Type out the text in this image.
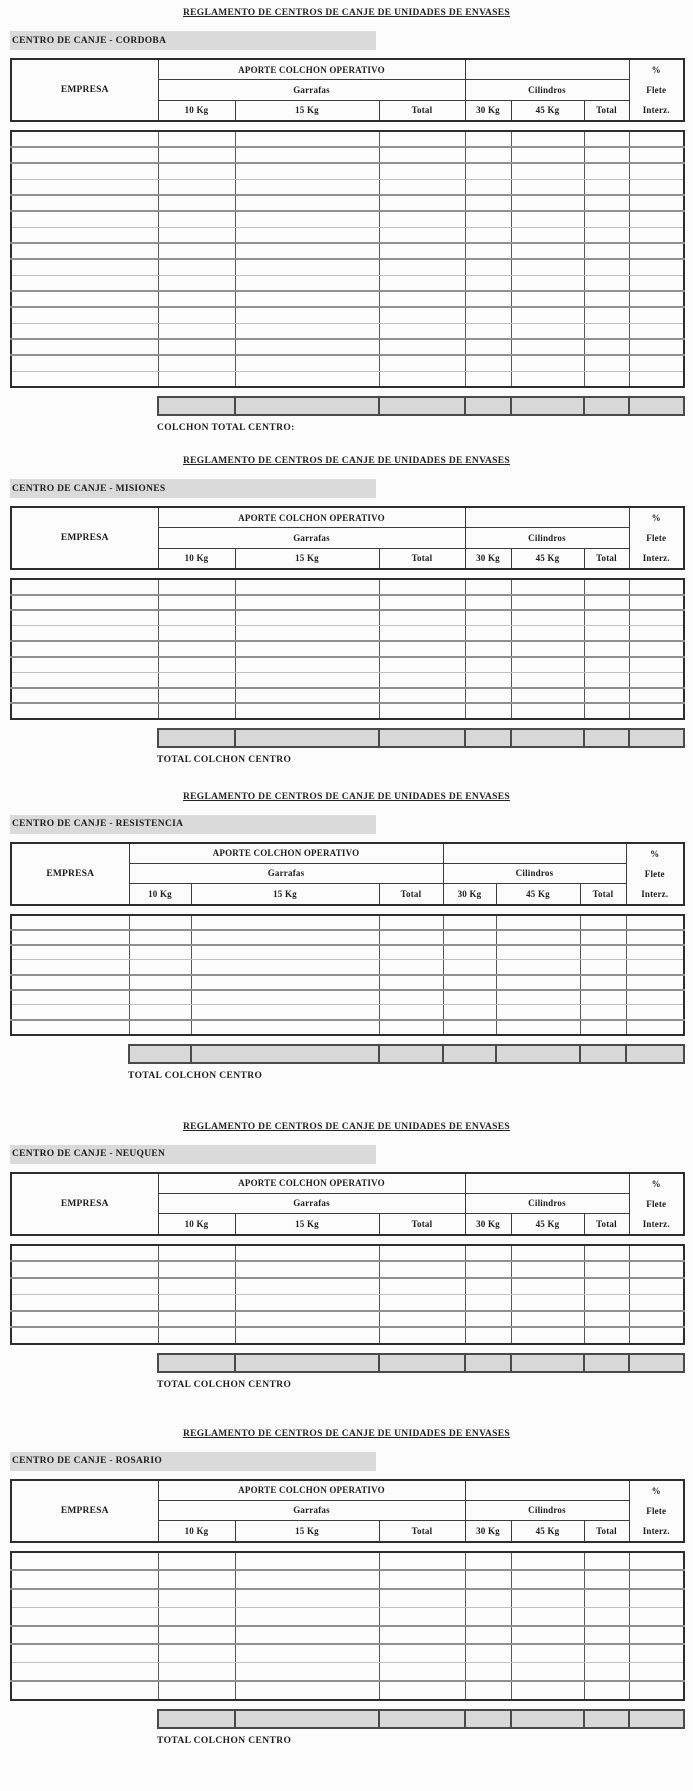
REGLAMENTO DE CENTROS DE CANJE DE UNIDADES DE ENVASES
CENTRO DE CANJE - CORDOBA
EMPRESA	APORTE COLCHON OPERATIVO						%
Flete
Interz.

	Garrafas			Cilindros			
	10 Kg	15 Kg	Total	30 Kg	45 Kg	Total	

COLCHON TOTAL CENTRO:
REGLAMENTO DE CENTROS DE CANJE DE UNIDADES DE ENVASES
CENTRO DE CANJE - MISIONES
EMPRESA	APORTE COLCHON OPERATIVO						%
Flete
Interz.

	Garrafas			Cilindros			
	10 Kg	15 Kg	Total	30 Kg	45 Kg	Total	

TOTAL COLCHON CENTRO
REGLAMENTO DE CENTROS DE CANJE DE UNIDADES DE ENVASES
CENTRO DE CANJE - RESISTENCIA
EMPRESA	APORTE COLCHON OPERATIVO						%
Flete
Interz.

	Garrafas			Cilindros			
	10 Kg	15 Kg	Total	30 Kg	45 Kg	Total	

TOTAL COLCHON CENTRO
REGLAMENTO DE CENTROS DE CANJE DE UNIDADES DE ENVASES
CENTRO DE CANJE - NEUQUEN
EMPRESA	APORTE COLCHON OPERATIVO						%
Flete
Interz.

	Garrafas			Cilindros			
	10 Kg	15 Kg	Total	30 Kg	45 Kg	Total	

TOTAL COLCHON CENTRO
REGLAMENTO DE CENTROS DE CANJE DE UNIDADES DE ENVASES
CENTRO DE CANJE - ROSARIO
EMPRESA	APORTE COLCHON OPERATIVO						%
Flete
Interz.

	Garrafas			Cilindros			
	10 Kg	15 Kg	Total	30 Kg	45 Kg	Total	

TOTAL COLCHON CENTRO
